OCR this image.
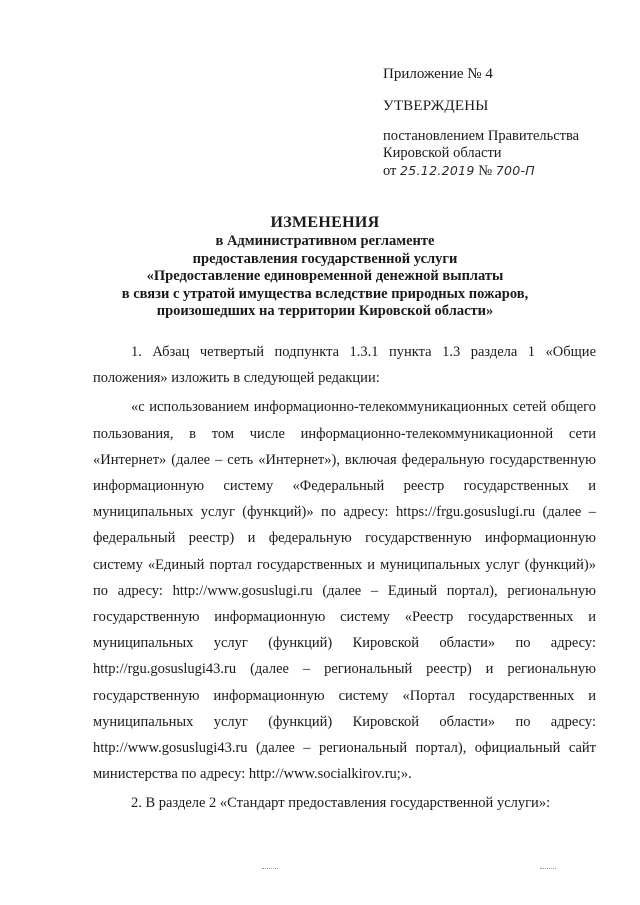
Приложение № 4
УТВЕРЖДЕНЫ
постановлением Правительства
Кировской области
от 25.12.2019 № 700-П
ИЗМЕНЕНИЯ
в Административном регламенте
предоставления государственной услуги
«Предоставление единовременной денежной выплаты
в связи с утратой имущества вследствие природных пожаров,
произошедших на территории Кировской области»

1. Абзац четвертый подпункта 1.3.1 пункта 1.3 раздела 1 «Общие положения» изложить в следующей редакции:

«с использованием информационно-телекоммуникационных сетей общего пользования, в том числе информационно-телекоммуникационной сети «Интернет» (далее – сеть «Интернет»), включая федеральную государственную информационную систему «Федеральный реестр государственных и муниципальных услуг (функций)» по адресу: https://frgu.gosuslugi.ru (далее – федеральный реестр) и федеральную государственную информационную систему «Единый портал государственных и муниципальных услуг (функций)» по адресу: http://www.gosuslugi.ru (далее – Единый портал), региональную государственную информационную систему «Реестр государственных и муниципальных услуг (функций) Кировской области» по адресу: http://rgu.gosuslugi43.ru (далее – региональный реестр) и региональную государственную информационную систему «Портал государственных и муниципальных услуг (функций) Кировской области» по адресу: http://www.gosuslugi43.ru (далее – региональный портал), официальный сайт министерства по адресу: http://www.socialkirov.ru;».

2. В разделе 2 «Стандарт предоставления государственной услуги»:
